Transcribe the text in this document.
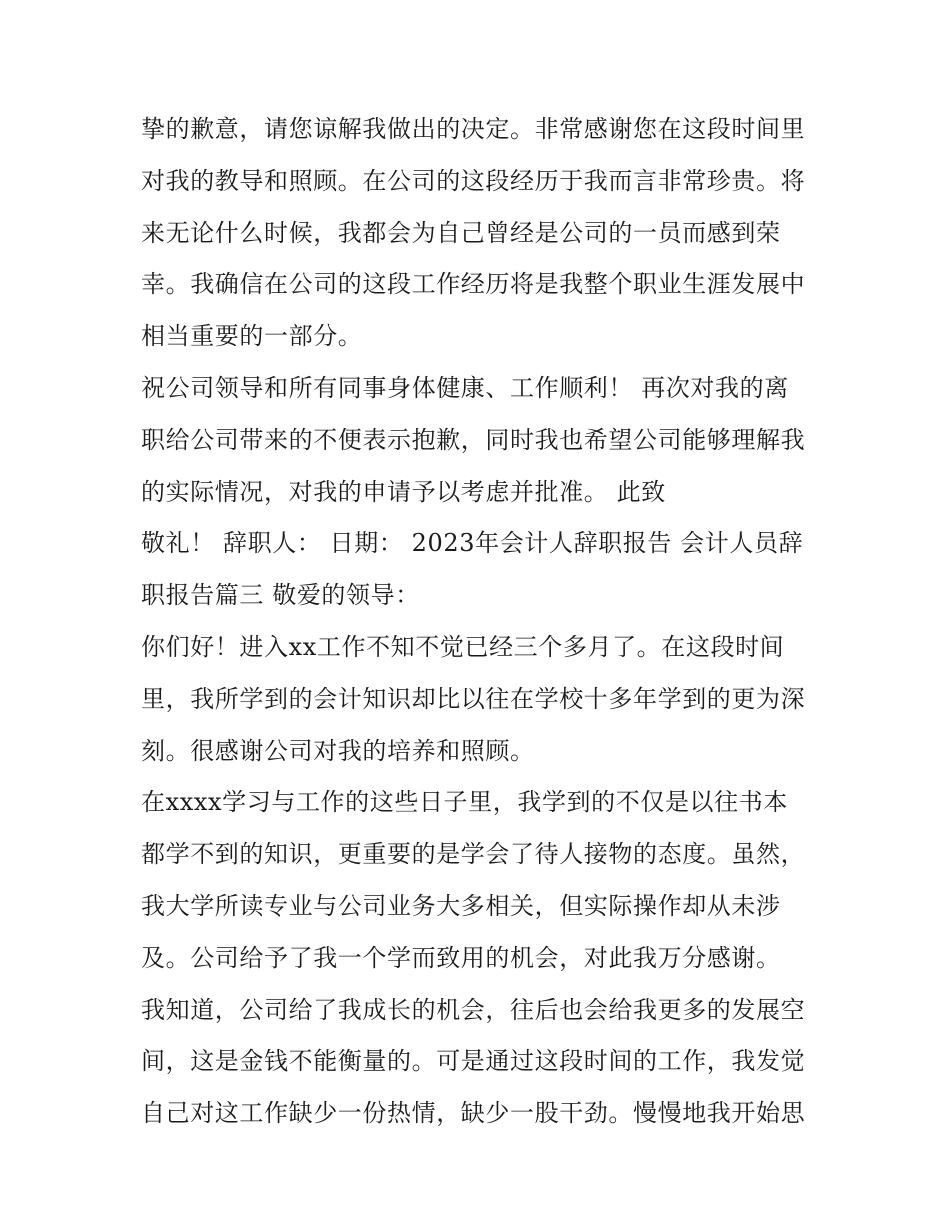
挚的歉意，请您谅解我做出的决定。非常感谢您在这段时间里
对我的教导和照顾。在公司的这段经历于我而言非常珍贵。将
来无论什么时候，我都会为自己曾经是公司的一员而感到荣
幸。我确信在公司的这段工作经历将是我整个职业生涯发展中
相当重要的一部分。
祝公司领导和所有同事身体健康、工作顺利！ 再次对我的离
职给公司带来的不便表示抱歉，同时我也希望公司能够理解我
的实际情况，对我的申请予以考虑并批准。 此致
敬礼！ 辞职人： 日期： 2023年会计人辞职报告 会计人员辞
职报告篇三 敬爱的领导：
你们好！进入xx工作不知不觉已经三个多月了。在这段时间
里，我所学到的会计知识却比以往在学校十多年学到的更为深
刻。很感谢公司对我的培养和照顾。
在xxxx学习与工作的这些日子里，我学到的不仅是以往书本
都学不到的知识，更重要的是学会了待人接物的态度。虽然，
我大学所读专业与公司业务大多相关，但实际操作却从未涉
及。公司给予了我一个学而致用的机会，对此我万分感谢。
我知道，公司给了我成长的机会，往后也会给我更多的发展空
间，这是金钱不能衡量的。可是通过这段时间的工作，我发觉
自己对这工作缺少一份热情，缺少一股干劲。慢慢地我开始思
